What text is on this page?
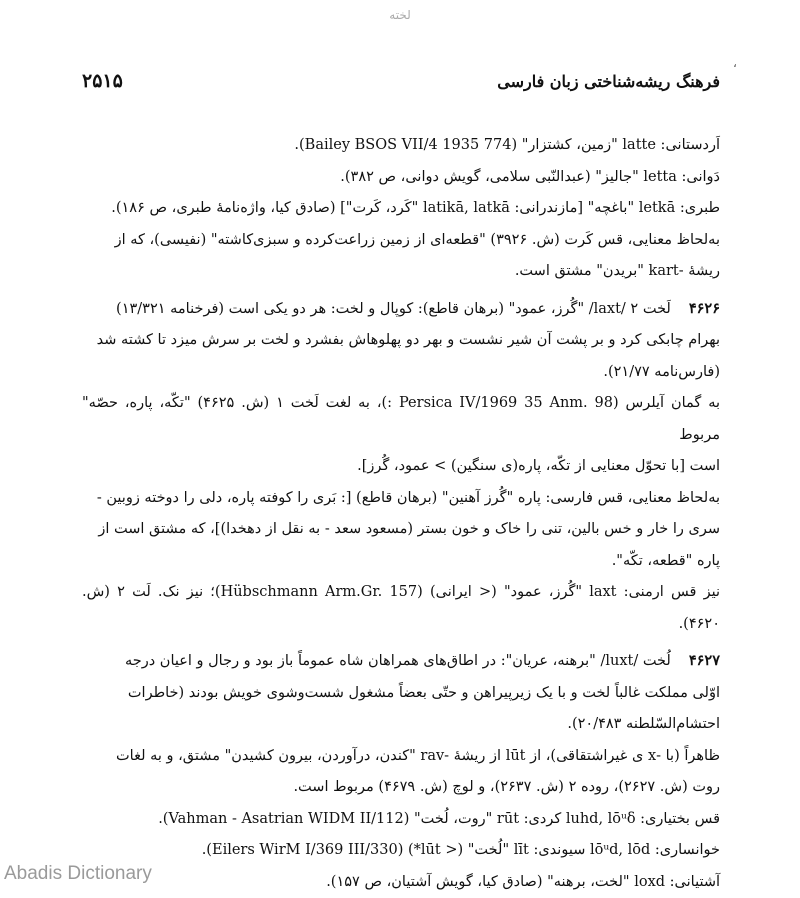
لخته
،
۲۵۱۵	فرهنگ ریشه‌شناختی زبان فارسی

اَردستانی: latte "زمین، کشتزار" (Bailey BSOS VII/4 1935 774).

دَوانی: letta "جالیز" (عبدالنّبی سلامی، گویش دوانی، ص ۳۸۲).

طبری: letkā "باغچه" [مازندرانی: latikā, latkā "کَرد، کَرت"] (صادق کیا، واژه‌نامهٔ طبری، ص ۱۸۶).

به‌لحاظ معنایی، قس کَرت (ش. ۳۹۲۶) "قطعه‌ای از زمین زراعت‌کرده و سبزی‌کاشته" (نفیسی)، که از

ریشهٔ -kart "بریدن" مشتق است.

۴۶۲۶لَخت ۲ /laxt/ "گُرز، عمود" (برهان قاطع): کوپال و لخت: هر دو یکی است (فرخنامه ۱۳/۳۲۱)

بهرام چابکی کرد و بر پشت آن شیر نشست و بهر دو پهلوهاش بفشرد و لخت بر سرش میزد تا کشته شد

(فارس‌نامه ۲۱/۷۷).

به گمان آیلرس (Persica IV/1969 35 Anm. 98 :)، به لغت لَخت ۱ (ش. ۴۶۲۵) "تکّه، پاره، حصّه" مربوط

است [با تحوّل معنایی از تکّه، پاره(ی سنگین) > عمود، گُرز].

به‌لحاظ معنایی، قس فارسی: پاره "گُرز آهنین" (برهان قاطع) [: بَری را کوفته پاره، دلی را دوخته زوبین -

سری را خار و خس بالین، تنی را خاک و خون بستر (مسعود سعد - به نقل از دهخدا)]، که مشتق است از

پاره "قطعه، تکّه".

نیز قس ارمنی: laxt "گُرز، عمود" (< ایرانی) (Hübschmann Arm.Gr. 157)؛ نیز نک. لَت ۲ (ش. ۴۶۲۰).

۴۶۲۷لُخت /luxt/ "برهنه، عریان": در اطاق‌های همراهان شاه عموماً باز بود و رجال و اعیان درجه

اوّلی مملکت غالباً لخت و با یک زیرپیراهن و حتّی بعضاً مشغول شست‌وشوی خویش بودند (خاطرات

احتشام‌السّلطنه ۲۰/۴۸۳).

ظاهراً (با -x ی غیراشتقاقی)، از lūt از ریشهٔ -rav "کندن، درآوردن، بیرون کشیدن" مشتق، و به لغات

روت (ش. ۲۶۲۷)، روده ۲ (ش. ۲۶۳۷)، و لوچ (ش. ۴۶۷۹) مربوط است.

قس بختیاری: luhd, lōᵘδ کردی: rūt "روت، لُخت" (Vahman - Asatrian WIDM II/112).

خوانساری: lōᵘd, lōd سیوندی: līt "لُخت" (< lūt*) (Eilers WirM I/369 III/330).

آشتیانی: loxd "لخت، برهنه" (صادق کیا، گویش آشتیان، ص ۱۵۷).

Abadis Dictionary
